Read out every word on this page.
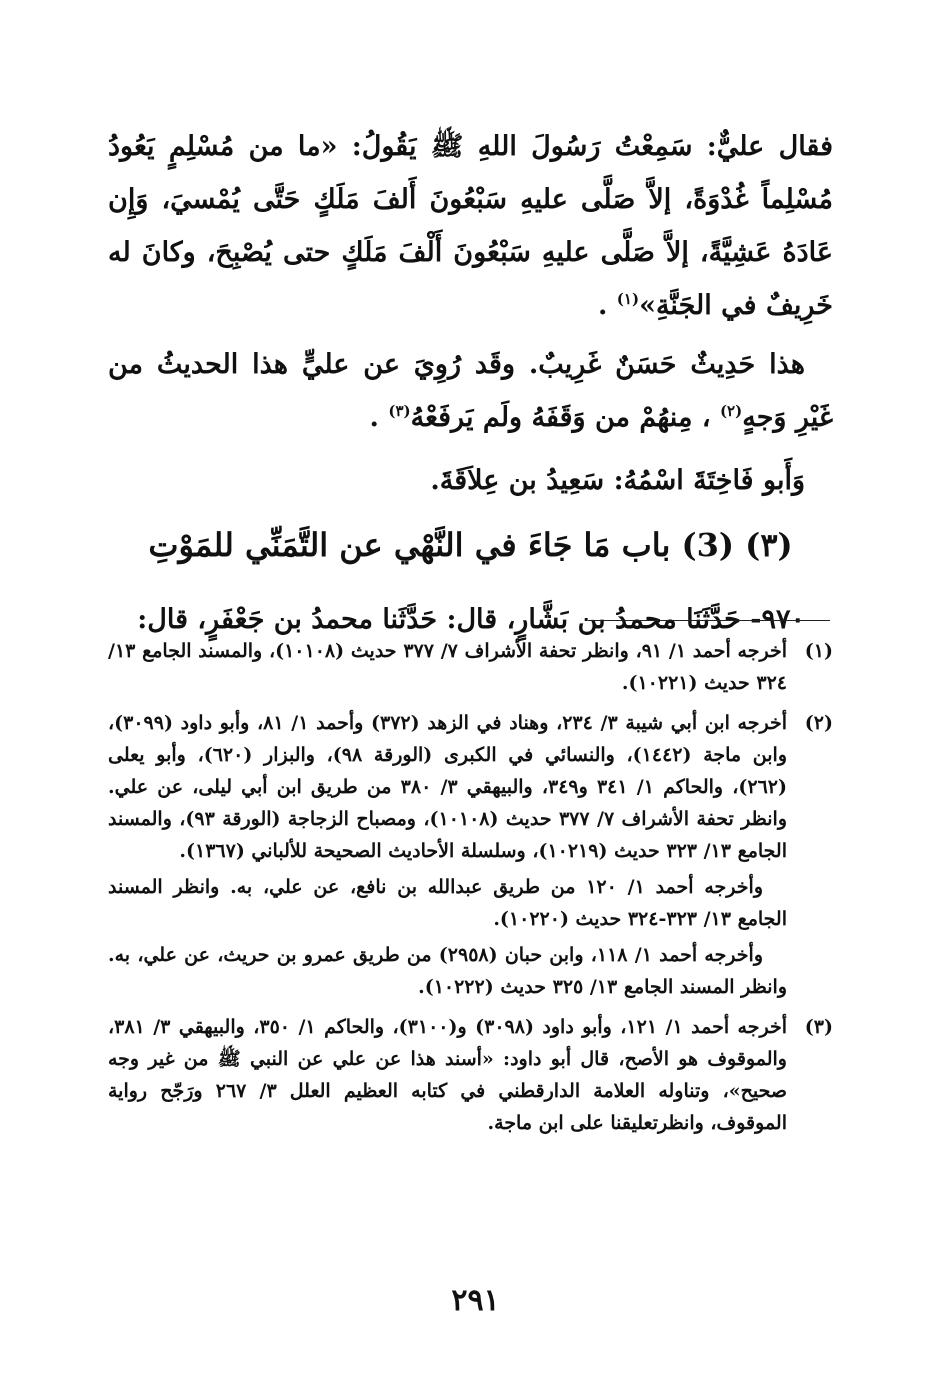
فقال عليٌّ: سَمِعْتُ رَسُولَ اللهِ ﷺ يَقُولُ: «ما من مُسْلِمٍ يَعُودُ مُسْلِماً غُدْوَةً، إلاَّ صَلَّى عليهِ سَبْعُونَ أَلفَ مَلَكٍ حَتَّى يُمْسيَ، وَإِن عَادَهُ عَشِيَّةً، إلاَّ صَلَّى عليهِ سَبْعُونَ أَلْفَ مَلَكٍ حتى يُصْبِحَ، وكانَ له خَرِيفٌ في الجَنَّةِ»$^{(١)}$ .

هذا حَدِيثٌ حَسَنٌ غَرِيبٌ. وقَد رُوِيَ عن عليٍّ هذا الحديثُ من غَيْرِ وَجهٍ$^{(٢)}$ ، مِنهُمْ من وَقَفَهُ ولَم يَرفَعْهُ$^{(٣)}$ .

وَأَبو فَاخِتَةَ اسْمُهُ: سَعِيدُ بن عِلاَقَةَ.

(٣) (3) باب مَا جَاءَ في النَّهْي عن التَّمَنِّي للمَوْتِ

٩٧٠- حَدَّثَنَا محمدُ بن بَشَّارٍ، قال: حَدَّثَنا محمدُ بن جَعْفَرٍ، قال:

(١)

أخرجه أحمد ١/ ٩١، وانظر تحفة الأشراف ٧/ ٣٧٧ حديث (١٠١٠٨)، والمسند الجامع ١٣/ ٣٢٤ حديث (١٠٢٢١).

(٢)

أخرجه ابن أبي شيبة ٣/ ٢٣٤، وهناد في الزهد (٣٧٢) وأحمد ١/ ٨١، وأبو داود (٣٠٩٩)، وابن ماجة (١٤٤٢)، والنسائي في الكبرى (الورقة ٩٨)، والبزار (٦٢٠)، وأبو يعلى (٢٦٢)، والحاكم ١/ ٣٤١ و٣٤٩، والبيهقي ٣/ ٣٨٠ من طريق ابن أبي ليلى، عن علي. وانظر تحفة الأشراف ٧/ ٣٧٧ حديث (١٠١٠٨)، ومصباح الزجاجة (الورقة ٩٣)، والمسند الجامع ١٣/ ٣٢٣ حديث (١٠٢١٩)، وسلسلة الأحاديث الصحيحة للألباني (١٣٦٧).

وأخرجه أحمد ١/ ١٢٠ من طريق عبدالله بن نافع، عن علي، به. وانظر المسند الجامع ١٣/ ٣٢٣-٣٢٤ حديث (١٠٢٢٠).

وأخرجه أحمد ١/ ١١٨، وابن حبان (٢٩٥٨) من طريق عمرو بن حريث، عن علي، به. وانظر المسند الجامع ١٣/ ٣٢٥ حديث (١٠٢٢٢).

(٣)

أخرجه أحمد ١/ ١٢١، وأبو داود (٣٠٩٨) و(٣١٠٠)، والحاكم ١/ ٣٥٠، والبيهقي ٣/ ٣٨١، والموقوف هو الأصح، قال أبو داود: «أسند هذا عن علي عن النبي ﷺ من غير وجه صحيح»، وتناوله العلامة الدارقطني في كتابه العظيم العلل ٣/ ٢٦٧ ورَجّح رواية الموقوف، وانظرتعليقنا على ابن ماجة.

٢٩١
